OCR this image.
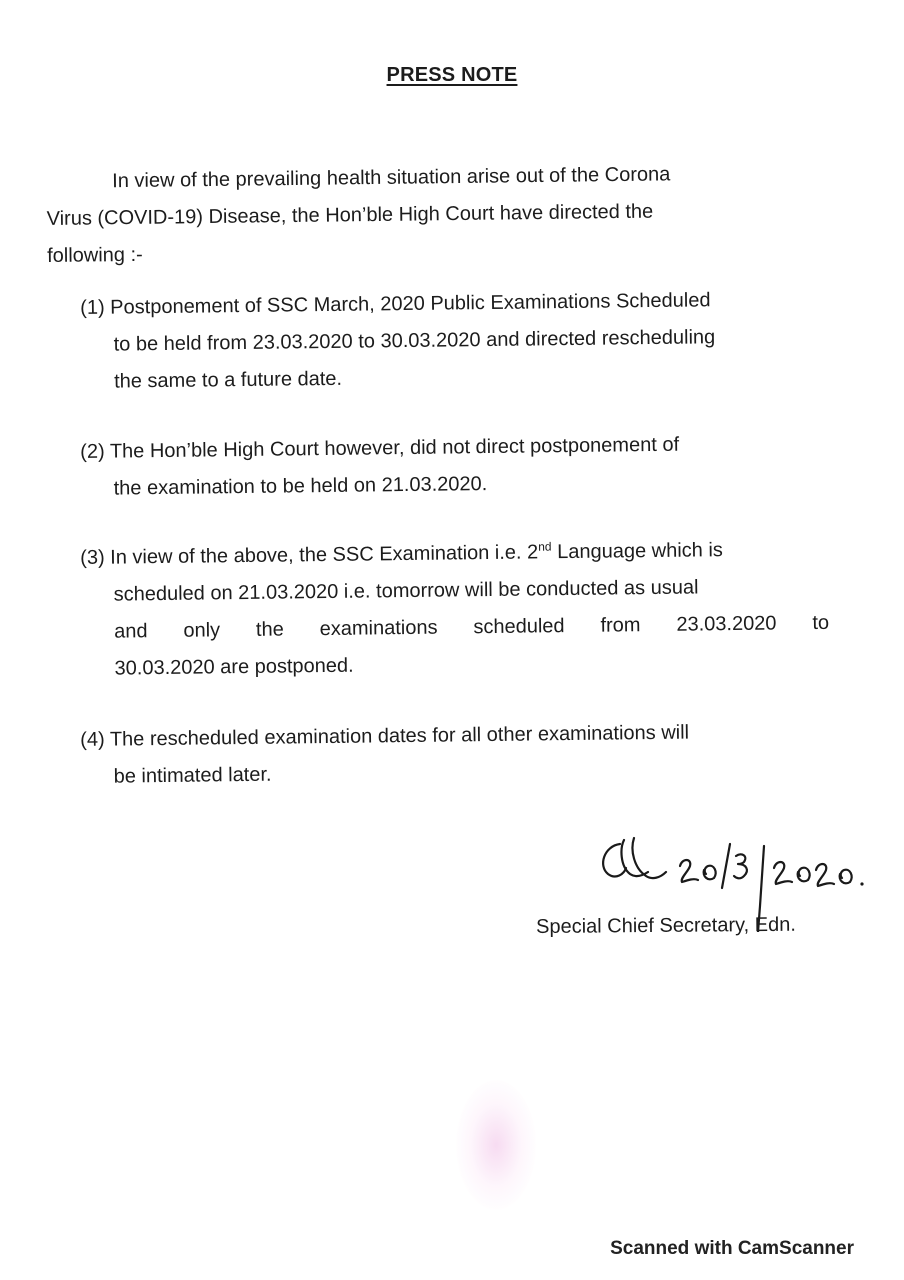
PRESS NOTE
In view of the prevailing health situation arise out of the Corona
Virus (COVID-19) Disease, the Hon’ble High Court have directed the
following :-
(1) Postponement of SSC March, 2020 Public Examinations Scheduled
to be held from 23.03.2020 to 30.03.2020 and directed rescheduling
the same to a future date.
(2) The Hon’ble High Court however, did not direct postponement of
the examination to be held on 21.03.2020.
(3) In view of the above, the SSC Examination i.e. 2nd Language which is
scheduled on 21.03.2020 i.e. tomorrow will be conducted as usual
and only the examinations scheduled from 23.03.2020 to
30.03.2020 are postponed.
(4) The rescheduled examination dates for all other examinations will
be intimated later.
Special Chief Secretary, Edn.
Scanned with CamScanner
